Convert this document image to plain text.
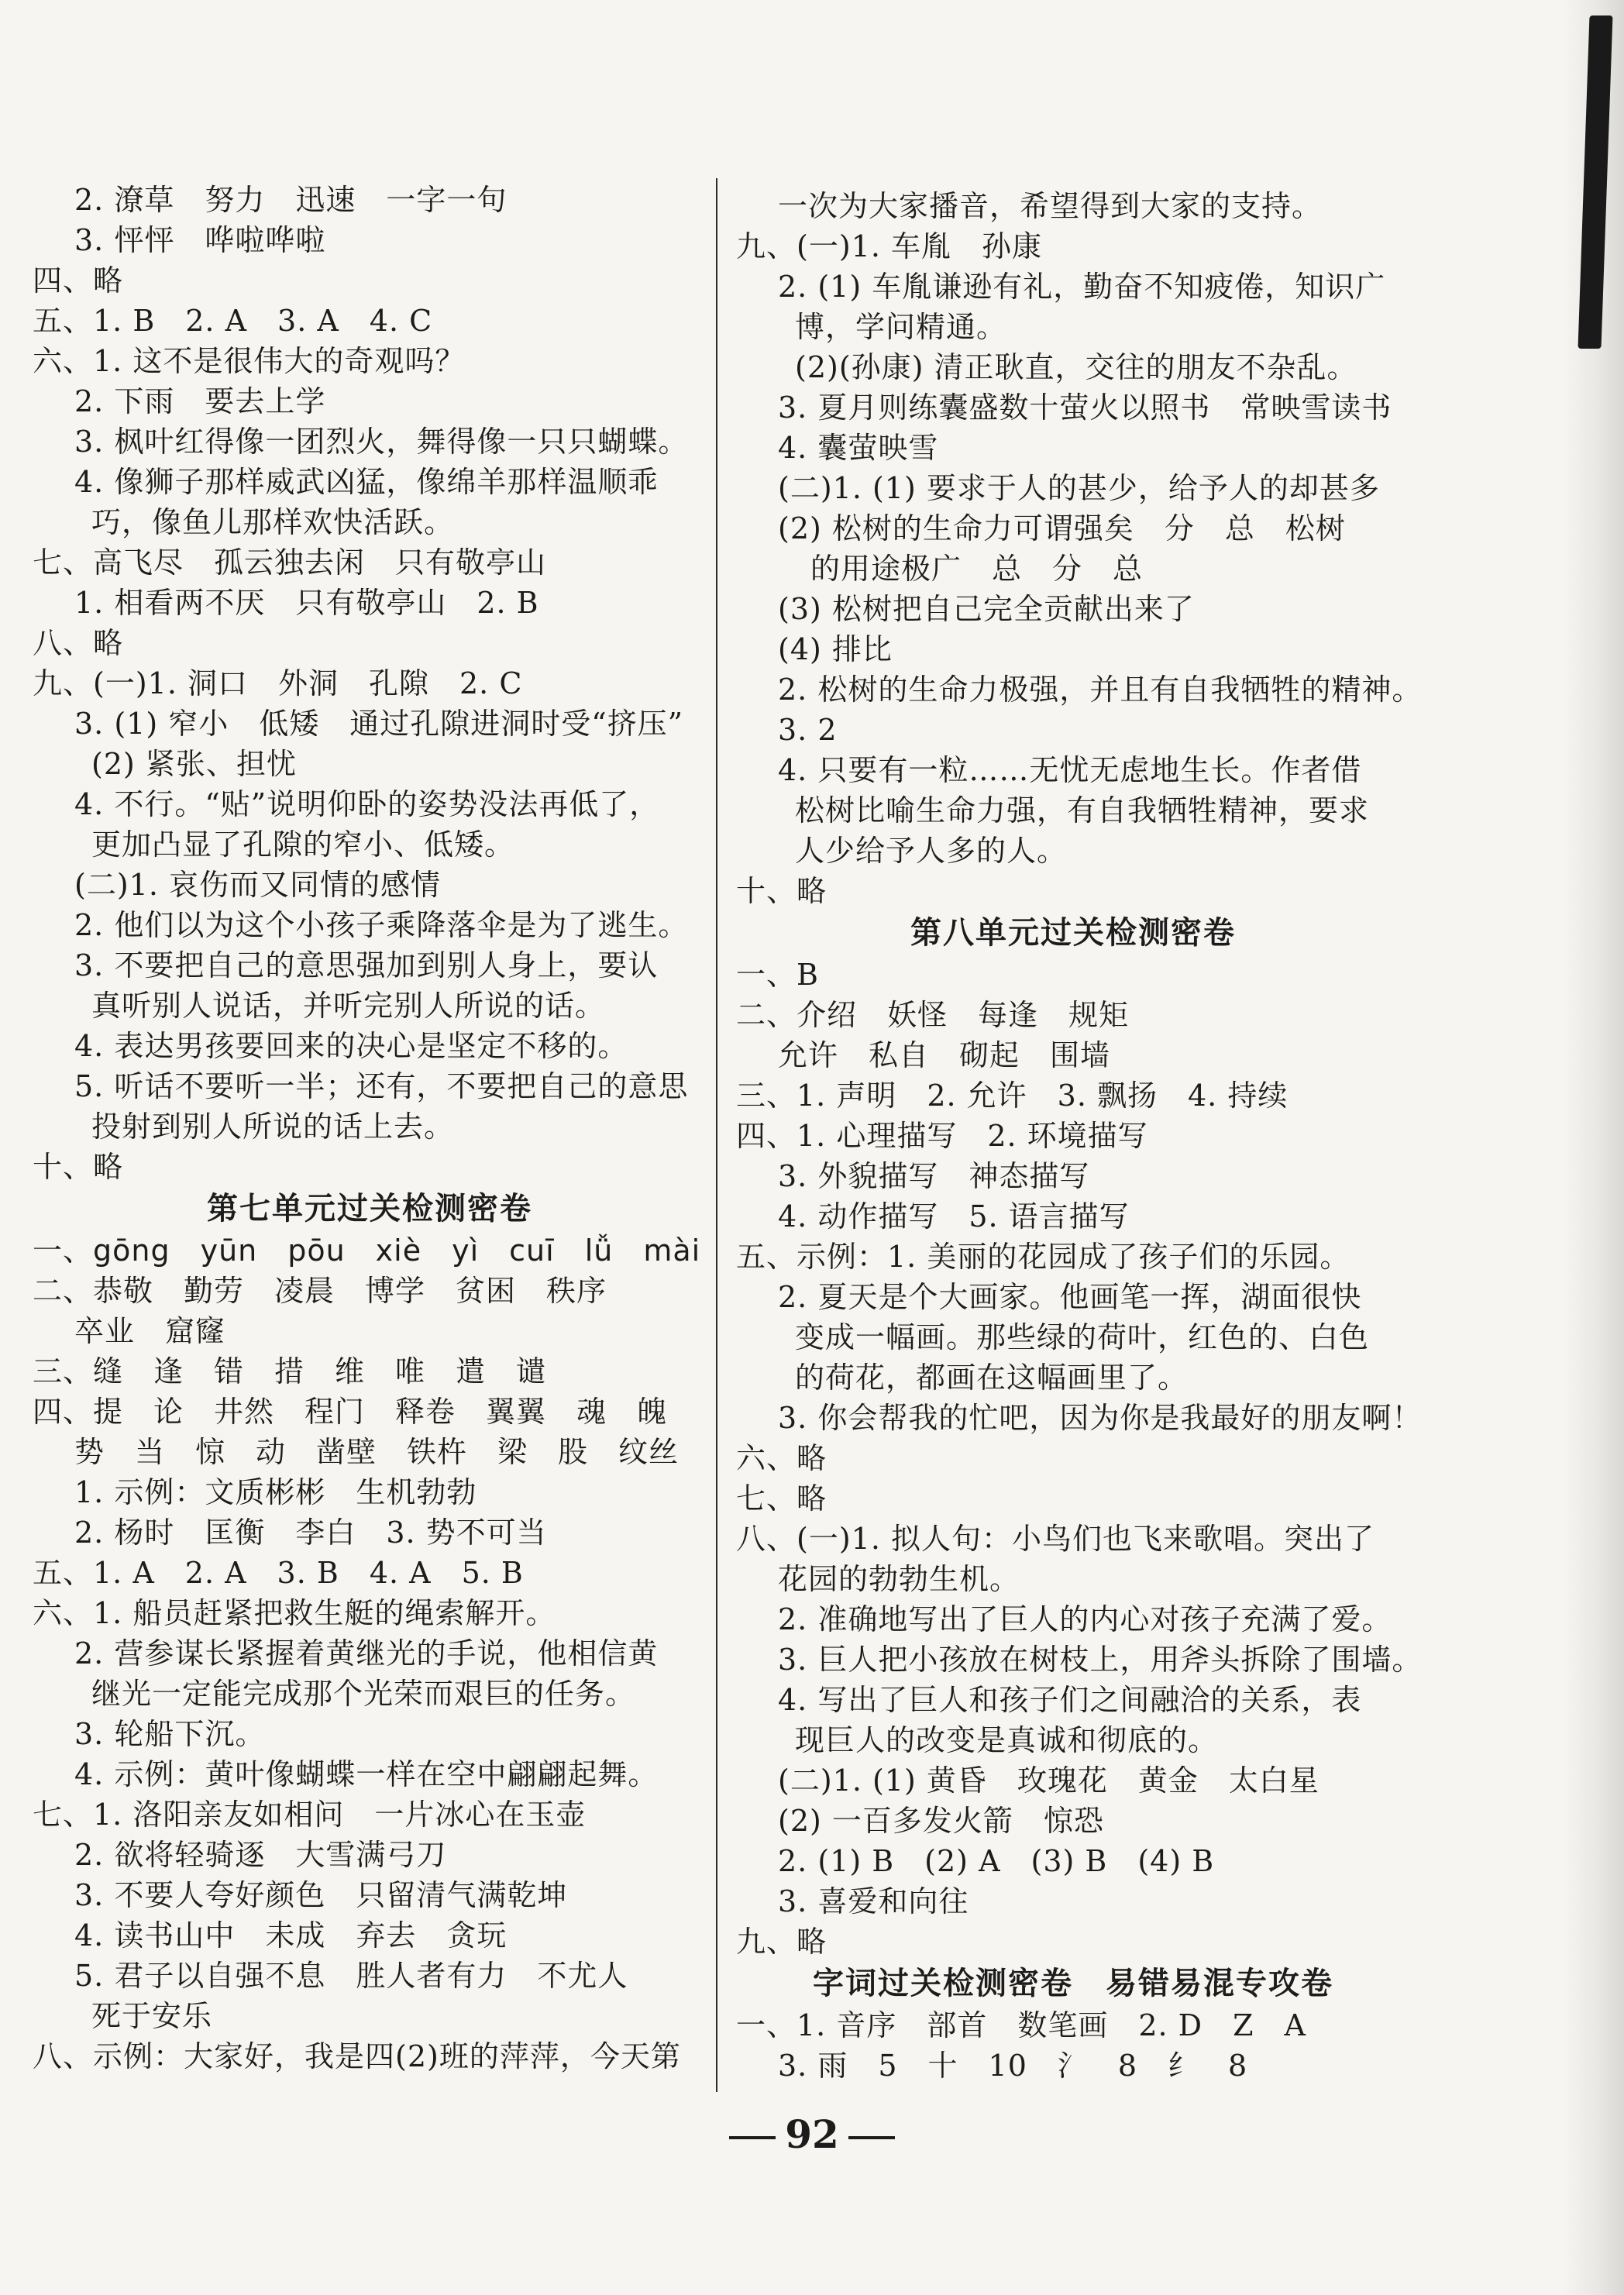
2. 潦草　努力　迅速　一字一句
3. 怦怦　哗啦哗啦
四、略
五、1. B　2. A　3. A　4. C
六、1. 这不是很伟大的奇观吗？
2. 下雨　要去上学
3. 枫叶红得像一团烈火，舞得像一只只蝴蝶。
4. 像狮子那样威武凶猛，像绵羊那样温顺乖
巧，像鱼儿那样欢快活跃。
七、高飞尽　孤云独去闲　只有敬亭山
1. 相看两不厌　只有敬亭山　2. B
八、略
九、(一)1. 洞口　外洞　孔隙　2. C
3. (1) 窄小　低矮　通过孔隙进洞时受“挤压”
(2) 紧张、担忧
4. 不行。“贴”说明仰卧的姿势没法再低了，
更加凸显了孔隙的窄小、低矮。
(二)1. 哀伤而又同情的感情
2. 他们以为这个小孩子乘降落伞是为了逃生。
3. 不要把自己的意思强加到别人身上，要认
真听别人说话，并听完别人所说的话。
4. 表达男孩要回来的决心是坚定不移的。
5. 听话不要听一半；还有，不要把自己的意思
投射到别人所说的话上去。
十、略
第七单元过关检测密卷
一、gōng　yūn　pōu　xiè　yì　cuī　lǚ　mài
二、恭敬　勤劳　凌晨　博学　贫困　秩序
卒业　窟窿
三、缝　逢　错　措　维　唯　遣　谴
四、提　论　井然　程门　释卷　翼翼　魂　魄
势　当　惊　动　凿壁　铁杵　梁　股　纹丝
1. 示例：文质彬彬　生机勃勃
2. 杨时　匡衡　李白　3. 势不可当
五、1. A　2. A　3. B　4. A　5. B
六、1. 船员赶紧把救生艇的绳索解开。
2. 营参谋长紧握着黄继光的手说，他相信黄
继光一定能完成那个光荣而艰巨的任务。
3. 轮船下沉。
4. 示例：黄叶像蝴蝶一样在空中翩翩起舞。
七、1. 洛阳亲友如相问　一片冰心在玉壶
2. 欲将轻骑逐　大雪满弓刀
3. 不要人夸好颜色　只留清气满乾坤
4. 读书山中　未成　弃去　贪玩
5. 君子以自强不息　胜人者有力　不尤人
死于安乐
八、示例：大家好，我是四(2)班的萍萍，今天第
一次为大家播音，希望得到大家的支持。
九、(一)1. 车胤　孙康
2. (1) 车胤谦逊有礼，勤奋不知疲倦，知识广
博，学问精通。
(2)(孙康) 清正耿直，交往的朋友不杂乱。
3. 夏月则练囊盛数十萤火以照书　常映雪读书
4. 囊萤映雪
(二)1. (1) 要求于人的甚少，给予人的却甚多
(2) 松树的生命力可谓强矣　分　总　松树
的用途极广　总　分　总
(3) 松树把自己完全贡献出来了
(4) 排比
2. 松树的生命力极强，并且有自我牺牲的精神。
3. 2
4. 只要有一粒……无忧无虑地生长。作者借
松树比喻生命力强，有自我牺牲精神，要求
人少给予人多的人。
十、略
第八单元过关检测密卷
一、B
二、介绍　妖怪　每逢　规矩
允许　私自　砌起　围墙
三、1. 声明　2. 允许　3. 飘扬　4. 持续
四、1. 心理描写　2. 环境描写
3. 外貌描写　神态描写
4. 动作描写　5. 语言描写
五、示例：1. 美丽的花园成了孩子们的乐园。
2. 夏天是个大画家。他画笔一挥，湖面很快
变成一幅画。那些绿的荷叶，红色的、白色
的荷花，都画在这幅画里了。
3. 你会帮我的忙吧，因为你是我最好的朋友啊！
六、略
七、略
八、(一)1. 拟人句：小鸟们也飞来歌唱。突出了
花园的勃勃生机。
2. 准确地写出了巨人的内心对孩子充满了爱。
3. 巨人把小孩放在树枝上，用斧头拆除了围墙。
4. 写出了巨人和孩子们之间融洽的关系，表
现巨人的改变是真诚和彻底的。
(二)1. (1) 黄昏　玫瑰花　黄金　太白星
(2) 一百多发火箭　惊恐
2. (1) B　(2) A　(3) B　(4) B
3. 喜爱和向往
九、略
字词过关检测密卷　易错易混专攻卷
一、1. 音序　部首　数笔画　2. D　Z　A
3. 雨　5　十　10　氵　8　纟　8
92
